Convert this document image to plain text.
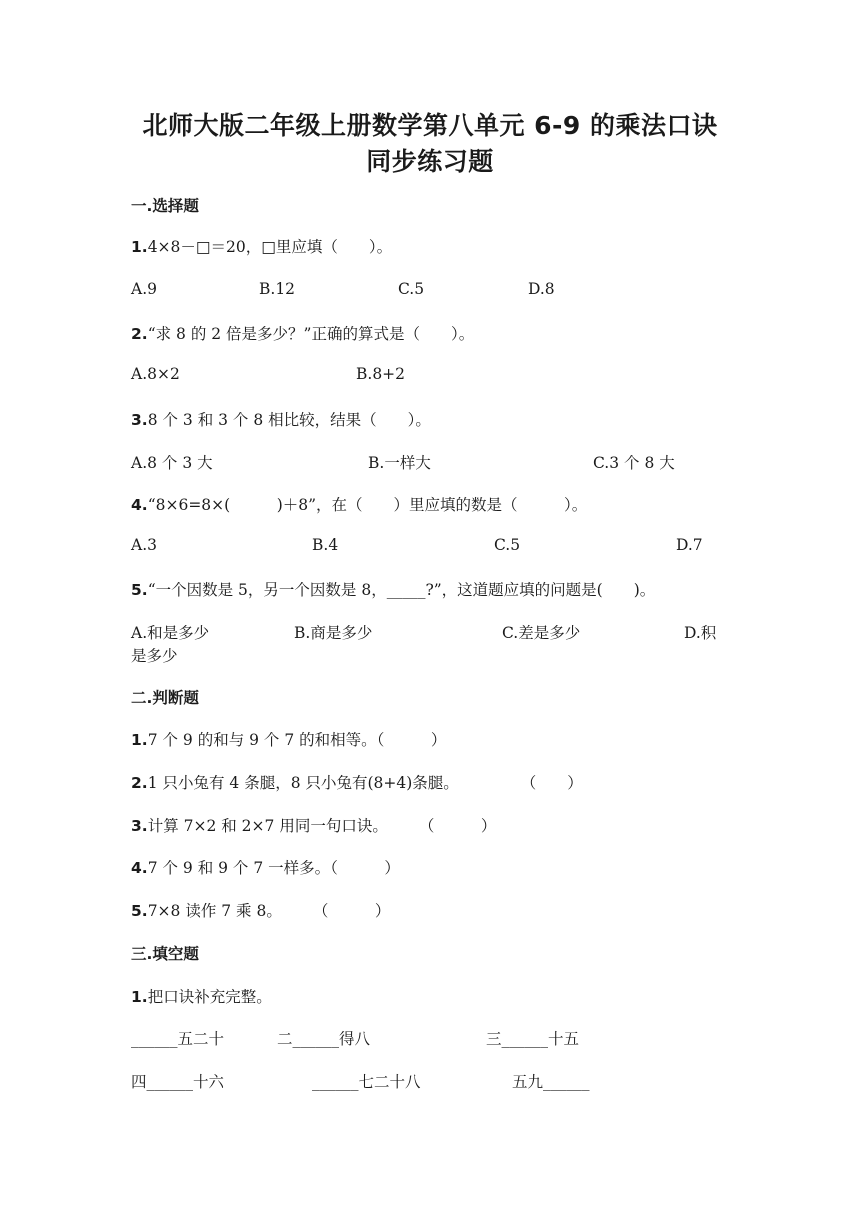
北师大版二年级上册数学第八单元 6-9 的乘法口诀
同步练习题
一.选择题
1.4×8－□＝20，□里应填（　　）。
A.9	B.12	C.5	D.8
2.“求 8 的 2 倍是多少？”正确的算式是（　　）。
A.8×2	B.8+2
3.8 个 3 和 3 个 8 相比较，结果（　　）。
A.8 个 3 大	B.一样大	C.3 个 8 大
4.“8×6=8×(　　　)＋8”，在（　　）里应填的数是（　　　）。
A.3	B.4	C.5	D.7
5.“一个因数是 5，另一个因数是 8，_____?”，这道题应填的问题是(　　)。
A.和是多少	B.商是多少	C.差是多少	D.积
是多少
二.判断题
1.7 个 9 的和与 9 个 7 的和相等。（　　　）
2.1 只小兔有 4 条腿，8 只小兔有(8+4)条腿。　　　　　（　　）
3.计算 7×2 和 2×7 用同一句口诀。　　　（　　　）
4.7 个 9 和 9 个 7 一样多。（　　　）
5.7×8 读作 7 乘 8。　　　（　　　）
三.填空题
1.把口诀补充完整。
______五二十	二______得八	三______十五
四______十六	______七二十八	五九______
